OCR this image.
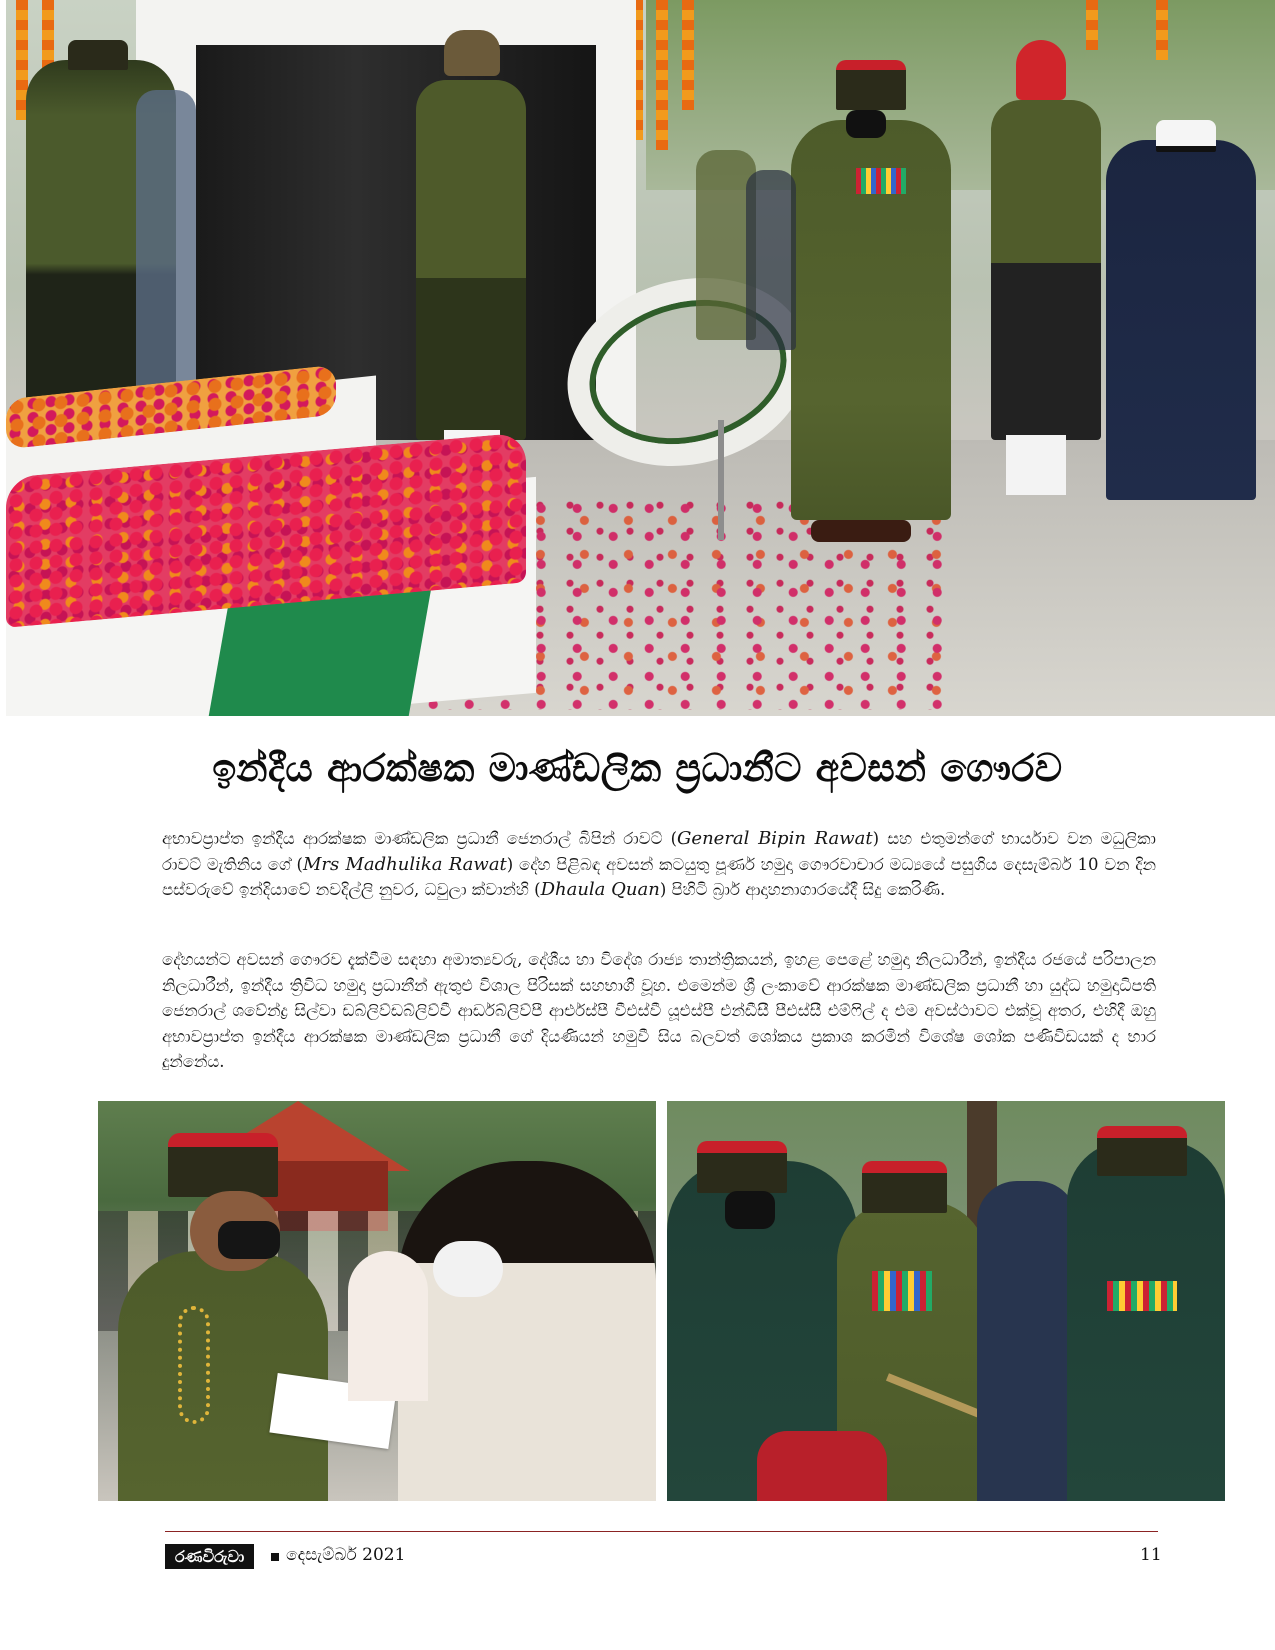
ඉන්දීය ආරක්ෂක මාණ්ඩලික ප්‍රධානීට අවසන් ගෞරව
අභාවප්‍රාප්ත ඉන්දීය ආරක්ෂක මාණ්ඩලික ප්‍රධානී ජෙනරාල් බිපින් රාවට් (General Bipin Rawat) සහ එතුමන්ගේ භාර්යාව වන මධුලිකා රාවට් මැතිනිය ගේ (Mrs Madhulika Rawat) දේහ පිළිබඳ අවසන් කටයුතු පූර්ණ හමුදා ගෞරවාචාර මධ්‍යයේ පසුගිය දෙසැම්බර් 10 වන දින පස්වරුවේ ඉන්දියාවේ නවදිල්ලි නුවර, ධවුලා ක්වාන්හි (Dhaula Quan) පිහිටි බ්‍රාර් ආදාහනාගාරයේදී සිදු කෙරිණි.
දේහයන්ට අවසන් ගෞරව දැක්වීම සඳහා අමාත්‍යවරු, දේශීය හා විදේශ රාජ්‍ය තාන්ත්‍රිකයන්, ඉහළ පෙළේ හමුදා නිලධාරීන්, ඉන්දීය රජයේ පරිපාලන නිලධාරීන්, ඉන්දීය ත්‍රිවිධ හමුදා ප්‍රධානීන් ඇතුළු විශාල පිරිසක් සහභාගී වූහ. එමෙන්ම ශ්‍රී ලංකාවේ ආරක්ෂක මාණ්ඩලික ප්‍රධානී හා යුද්ධ හමුදාධිපති ජෙනරාල් ශවේන්ද්‍ර සිල්වා ඩබ්ලිව්ඩබ්ලිව්වී ආර්ඩබ්ලිව්පී ආර්එස්පී වීඑස්වී යූඑස්පී එන්ඩීසී පීඑස්සී එම්ෆිල් ද එම අවස්ථාවට එක්වූ අතර, එහිදී ඔහු අභාවප්‍රාප්ත ඉන්දීය ආරක්ෂක මාණ්ඩලික ප්‍රධානී ගේ දියණියන් හමුවී සිය බලවත් ශෝකය ප්‍රකාශ කරමින් විශේෂ ශෝක පණිවිඩයක් ද භාර දුන්නේය.
රණවිරුවා	දෙසැම්බර් 2021	11
